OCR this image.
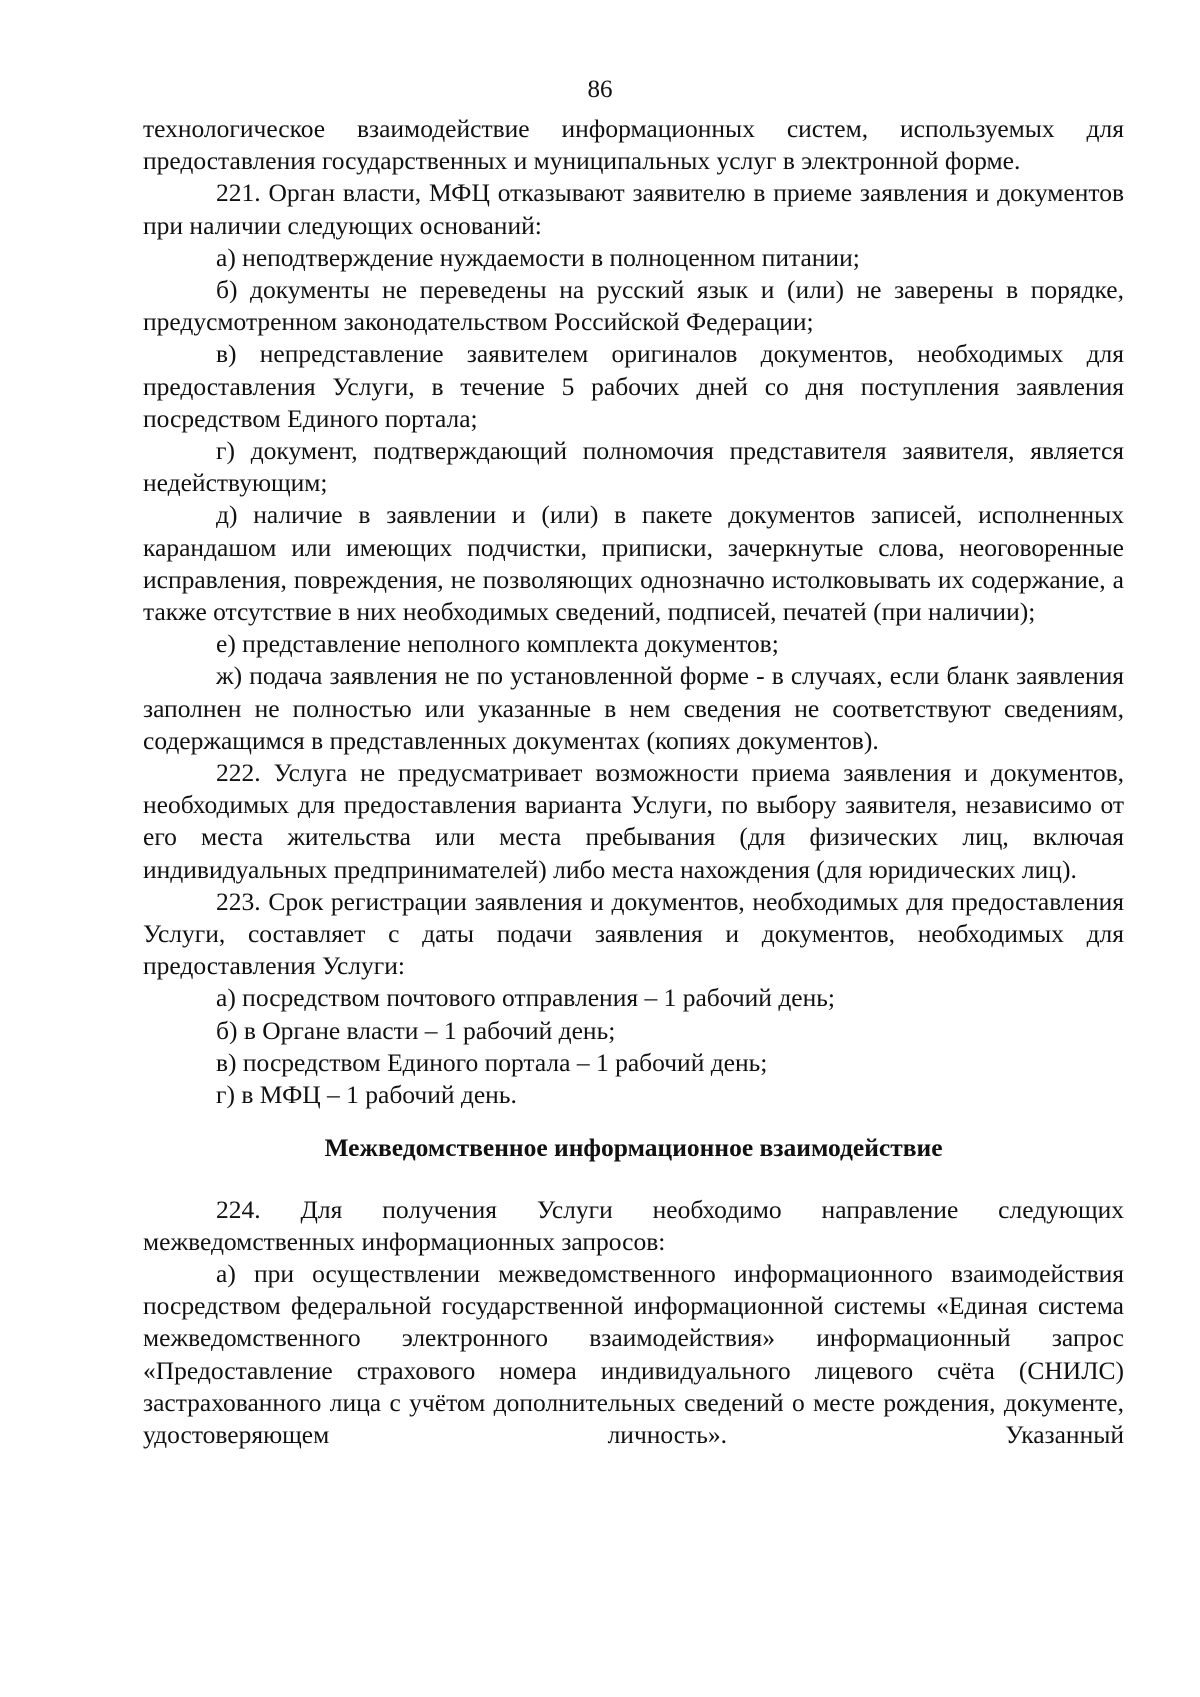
86

технологическое взаимодействие информационных систем, используемых для предоставления государственных и муниципальных услуг в электронной форме.

221. Орган власти, МФЦ отказывают заявителю в приеме заявления и документов при наличии следующих оснований:

а) неподтверждение нуждаемости в полноценном питании;

б) документы не переведены на русский язык и (или) не заверены в порядке, предусмотренном законодательством Российской Федерации;

в) непредставление заявителем оригиналов документов, необходимых для предоставления Услуги, в течение 5 рабочих дней со дня поступления заявления посредством Единого портала;

г) документ, подтверждающий полномочия представителя заявителя, является недействующим;

д) наличие в заявлении и (или) в пакете документов записей, исполненных карандашом или имеющих подчистки, приписки, зачеркнутые слова, неоговоренные исправления, повреждения, не позволяющих однозначно истолковывать их содержание, а также отсутствие в них необходимых сведений, подписей, печатей (при наличии);

е) представление неполного комплекта документов;

ж) подача заявления не по установленной форме - в случаях, если бланк заявления заполнен не полностью или указанные в нем сведения не соответствуют сведениям, содержащимся в представленных документах (копиях документов).

222. Услуга не предусматривает возможности приема заявления и документов, необходимых для предоставления варианта Услуги, по выбору заявителя, независимо от его места жительства или места пребывания (для физических лиц, включая индивидуальных предпринимателей) либо места нахождения (для юридических лиц).

223. Срок регистрации заявления и документов, необходимых для предоставления Услуги, составляет с даты подачи заявления и документов, необходимых для предоставления Услуги:

а) посредством почтового отправления – 1 рабочий день;

б) в Органе власти – 1 рабочий день;

в) посредством Единого портала – 1 рабочий день;

г) в МФЦ – 1 рабочий день.

Межведомственное информационное взаимодействие

224. Для получения Услуги необходимо направление следующих межведомственных информационных запросов:

а) при осуществлении межведомственного информационного взаимодействия посредством федеральной государственной информационной системы «Единая система межведомственного электронного взаимодействия» информационный запрос «Предоставление страхового номера индивидуального лицевого счёта (СНИЛС) застрахованного лица с учётом дополнительных сведений о месте рождения, документе, удостоверяющем личность». Указанный
